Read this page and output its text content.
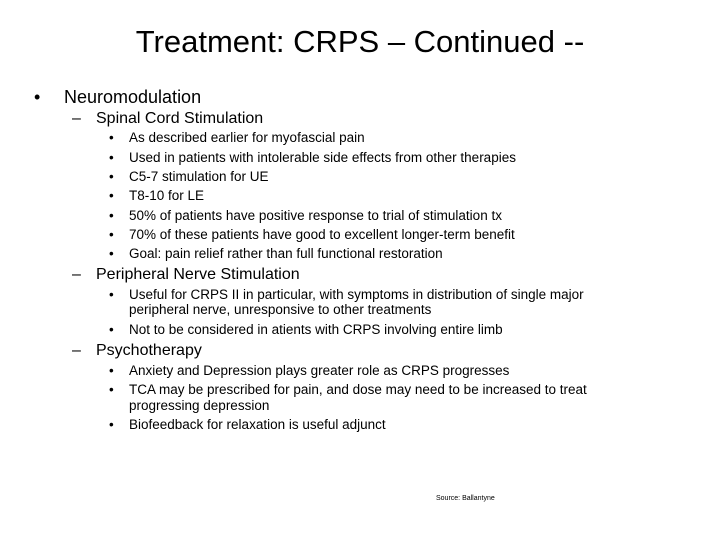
Treatment: CRPS – Continued --
• Neuromodulation
– Spinal Cord Stimulation
• As described earlier for myofascial pain
• Used in patients with intolerable side effects from other therapies
• C5-7 stimulation for UE
• T8-10 for LE
• 50% of patients have positive response to trial of stimulation tx
• 70% of these patients have good to excellent longer-term benefit
• Goal: pain relief rather than full functional restoration
– Peripheral Nerve Stimulation
• Useful for CRPS II in particular, with symptoms in distribution of single major
peripheral nerve, unresponsive to other treatments
• Not to be considered in atients with CRPS involving entire limb
– Psychotherapy
• Anxiety and Depression plays greater role as CRPS progresses
• TCA may be prescribed for pain, and dose may need to be increased to treat
progressing depression
• Biofeedback for relaxation is useful adjunct
Source: Ballantyne
